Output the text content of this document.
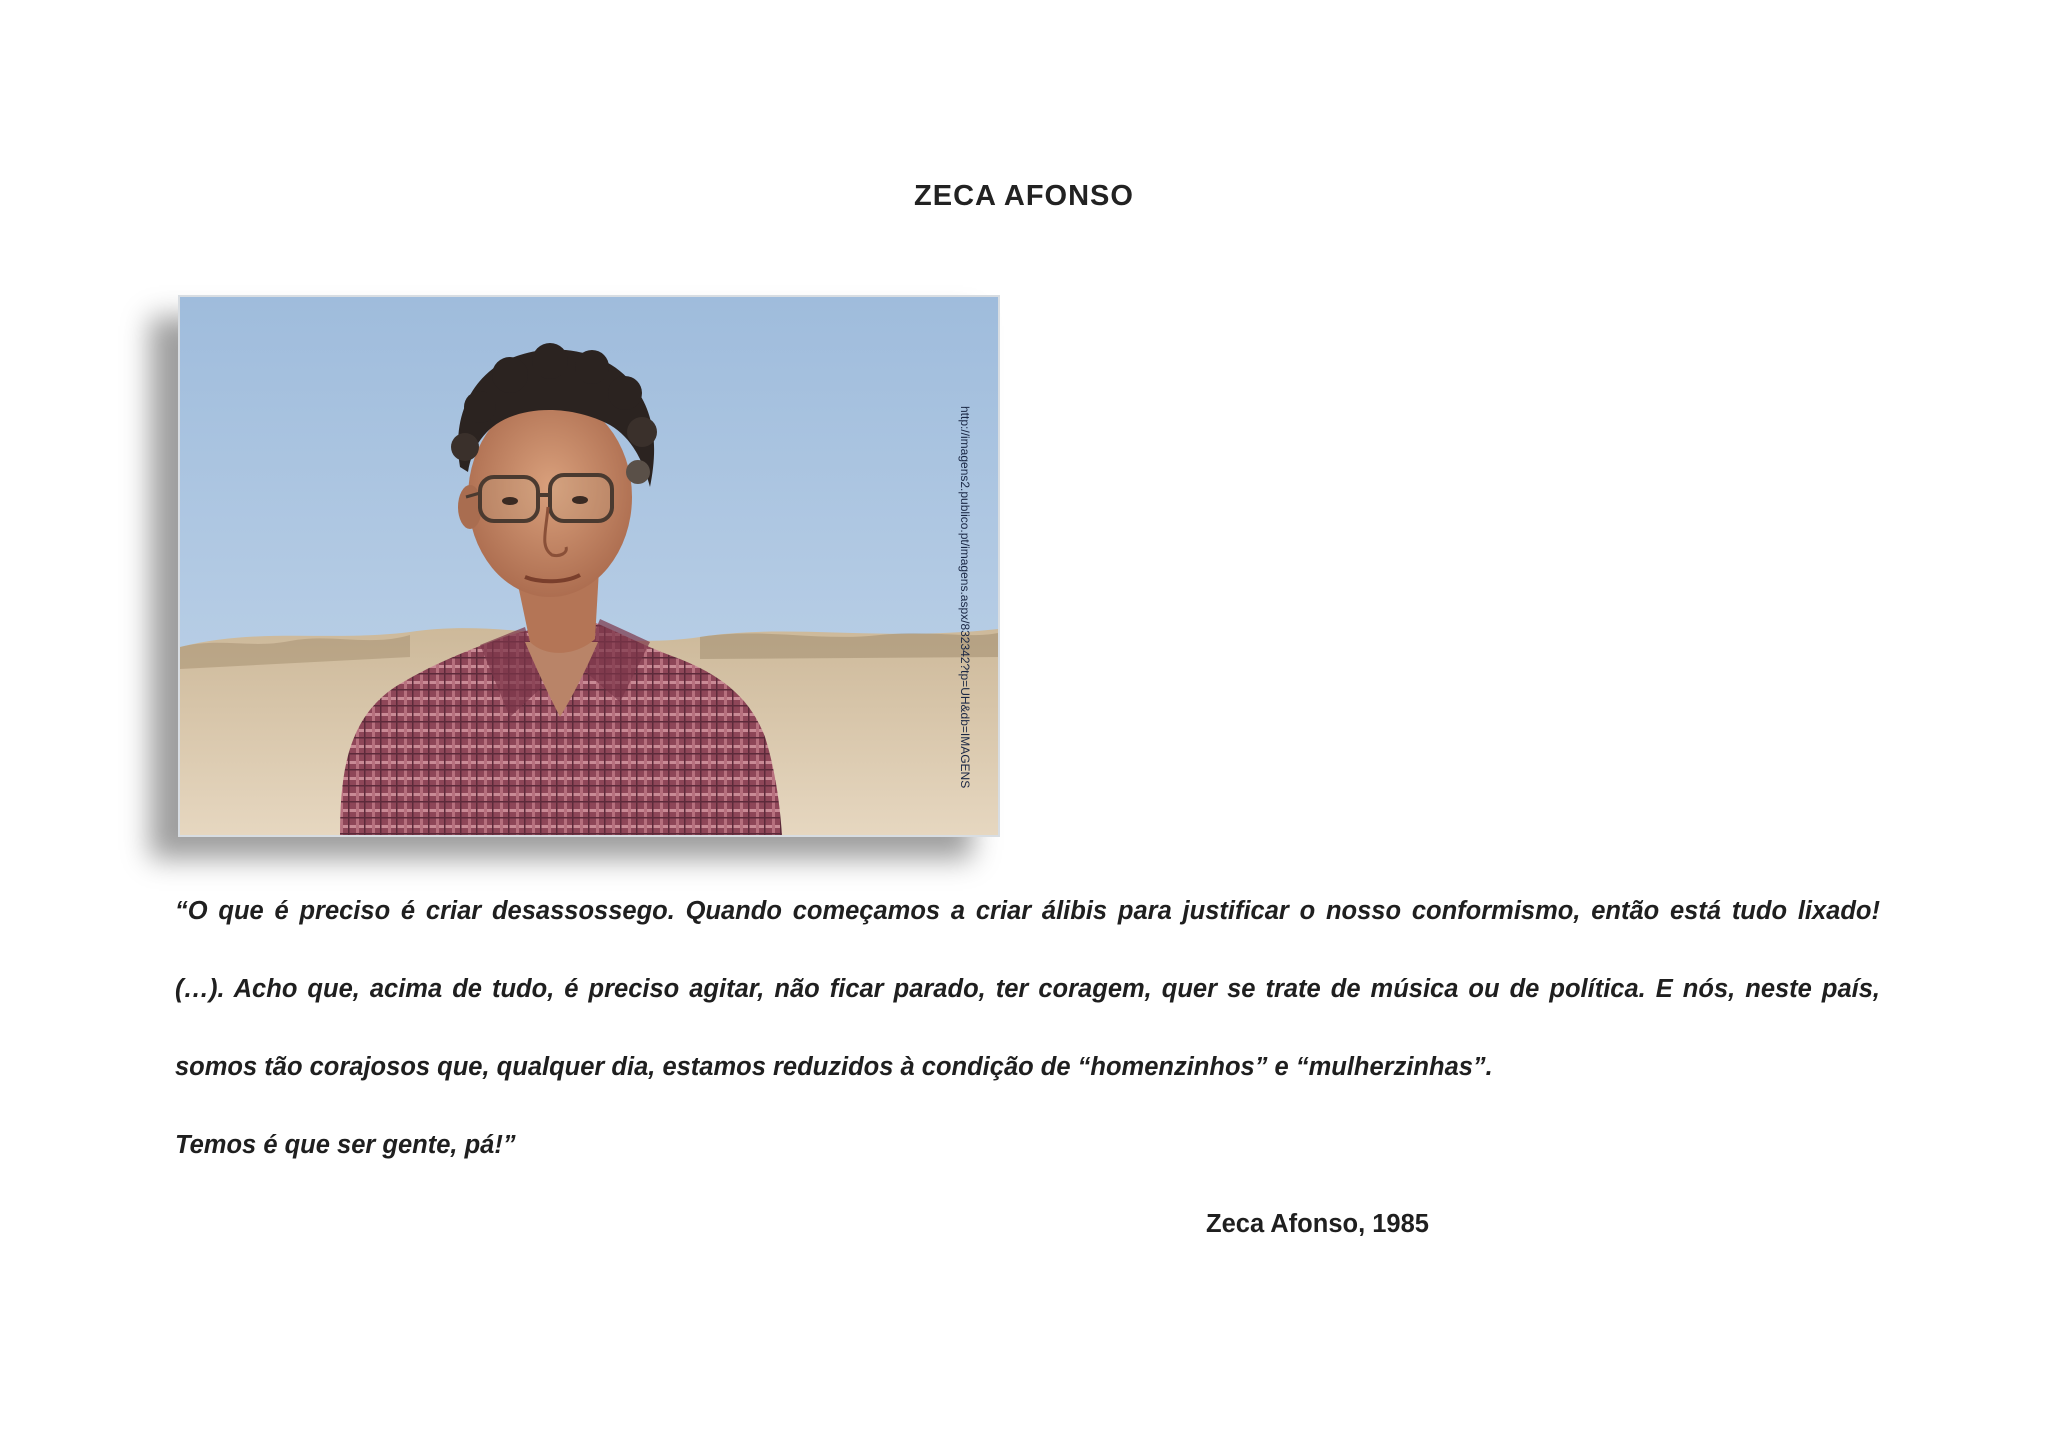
ZECA AFONSO
http://imagens2.publico.pt/imagens.aspx/832342?tp=UH&db=IMAGENS
“O que é preciso é criar desassossego. Quando começamos a criar álibis para justificar o nosso conformismo, então está tudo lixado!
(…). Acho que, acima de tudo, é preciso agitar, não ficar parado, ter coragem, quer se trate de música ou de política. E nós, neste país,
somos tão corajosos que, qualquer dia, estamos reduzidos à condição de “homenzinhos” e “mulherzinhas”.
Temos é que ser gente, pá!”
Zeca Afonso, 1985
